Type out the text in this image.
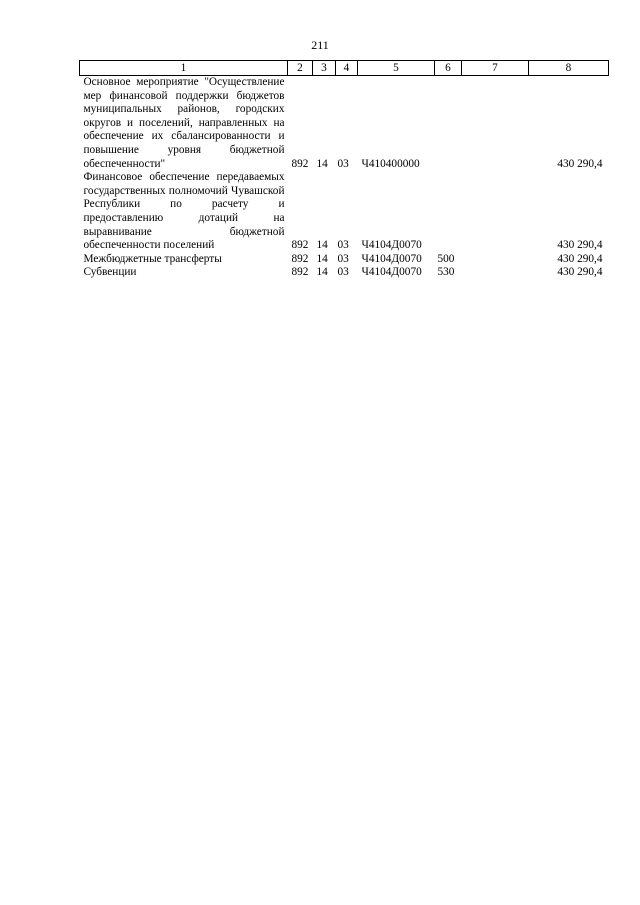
211
1	2	3	4	5	6	7	8
Основное мероприятие "Осуществление мер финансовой поддержки бюджетов муниципальных районов, городских округов и поселений, направленных на обеспечение их сбалансированности и повышение уровня бюджетной обеспеченности"	892	14	03	Ч410400000			430 290,4
Финансовое обеспечение передаваемых государственных полномочий Чувашской Республики по расчету и предоставлению дотаций на выравнивание бюджетной обеспеченности поселений	892	14	03	Ч4104Д0070			430 290,4
Межбюджетные трансферты	892	14	03	Ч4104Д0070	500		430 290,4
Субвенции	892	14	03	Ч4104Д0070	530		430 290,4
